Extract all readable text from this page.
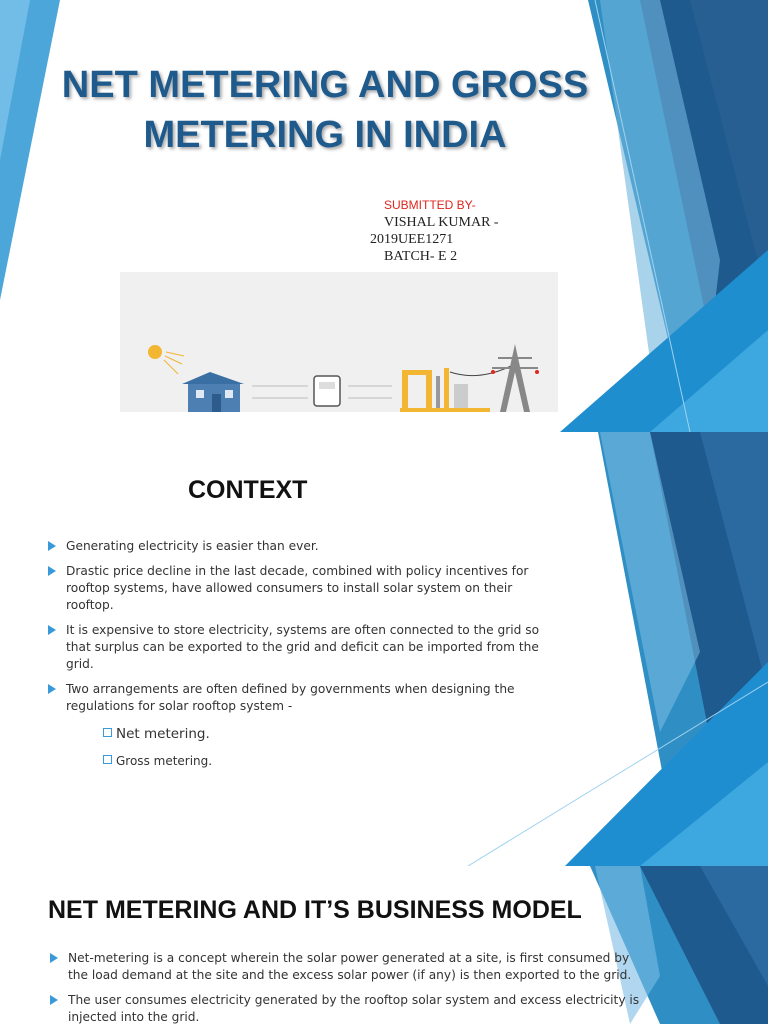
NET METERING AND GROSS
METERING IN INDIA
SUBMITTED BY-
VISHAL KUMAR -
2019UEE1271
BATCH- E 2
CONTEXT
Generating electricity is easier than ever.
Drastic price decline in the last decade, combined with policy incentives for
rooftop systems, have allowed consumers to install solar system on their
rooftop.
It is expensive to store electricity, systems are often connected to the grid so
that surplus can be exported to the grid and deficit can be imported from the
grid.
Two arrangements are often defined by governments when designing the
regulations for solar rooftop system -
Net metering.
Gross metering.
NET METERING AND IT’S BUSINESS MODEL
Net-metering is a concept wherein the solar power generated at a site, is first consumed by
the load demand at the site and the excess solar power (if any) is then exported to the grid.
The user consumes electricity generated by the rooftop solar system and excess electricity is
injected into the grid.
